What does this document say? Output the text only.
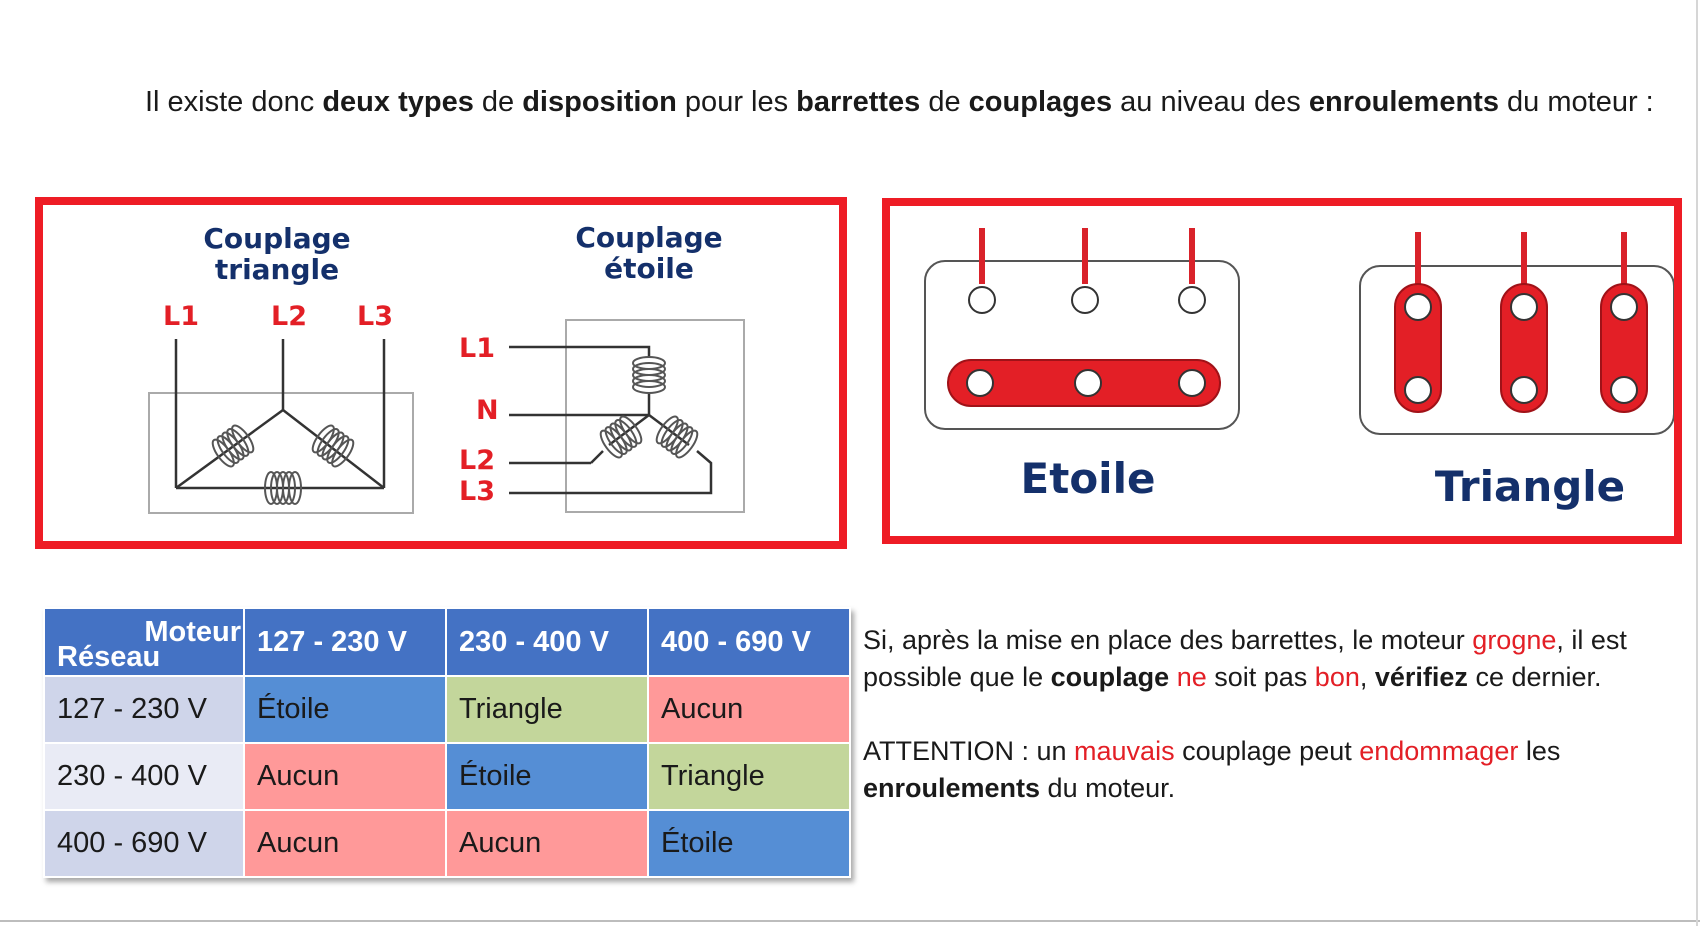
Il existe donc deux types de disposition pour les barrettes de couplages au niveau des enroulements du moteur :
Couplage
triangle
L1	L2 L3
Couplage
étoile
L1
N
L2
L3	Etoile	Triangle
Moteur
Réseau	127 - 230 V	230 - 400 V	400 - 690 V
127 - 230 V	Étoile	Triangle	Aucun
230 - 400 V	Aucun	Étoile	Triangle
400 - 690 V	Aucun	Aucun	Étoile

Si, après la mise en place des barrettes, le moteur grogne, il est possible que le couplage ne soit pas bon, vérifiez ce dernier.

ATTENTION : un mauvais couplage peut endommager les enroulements du moteur.
